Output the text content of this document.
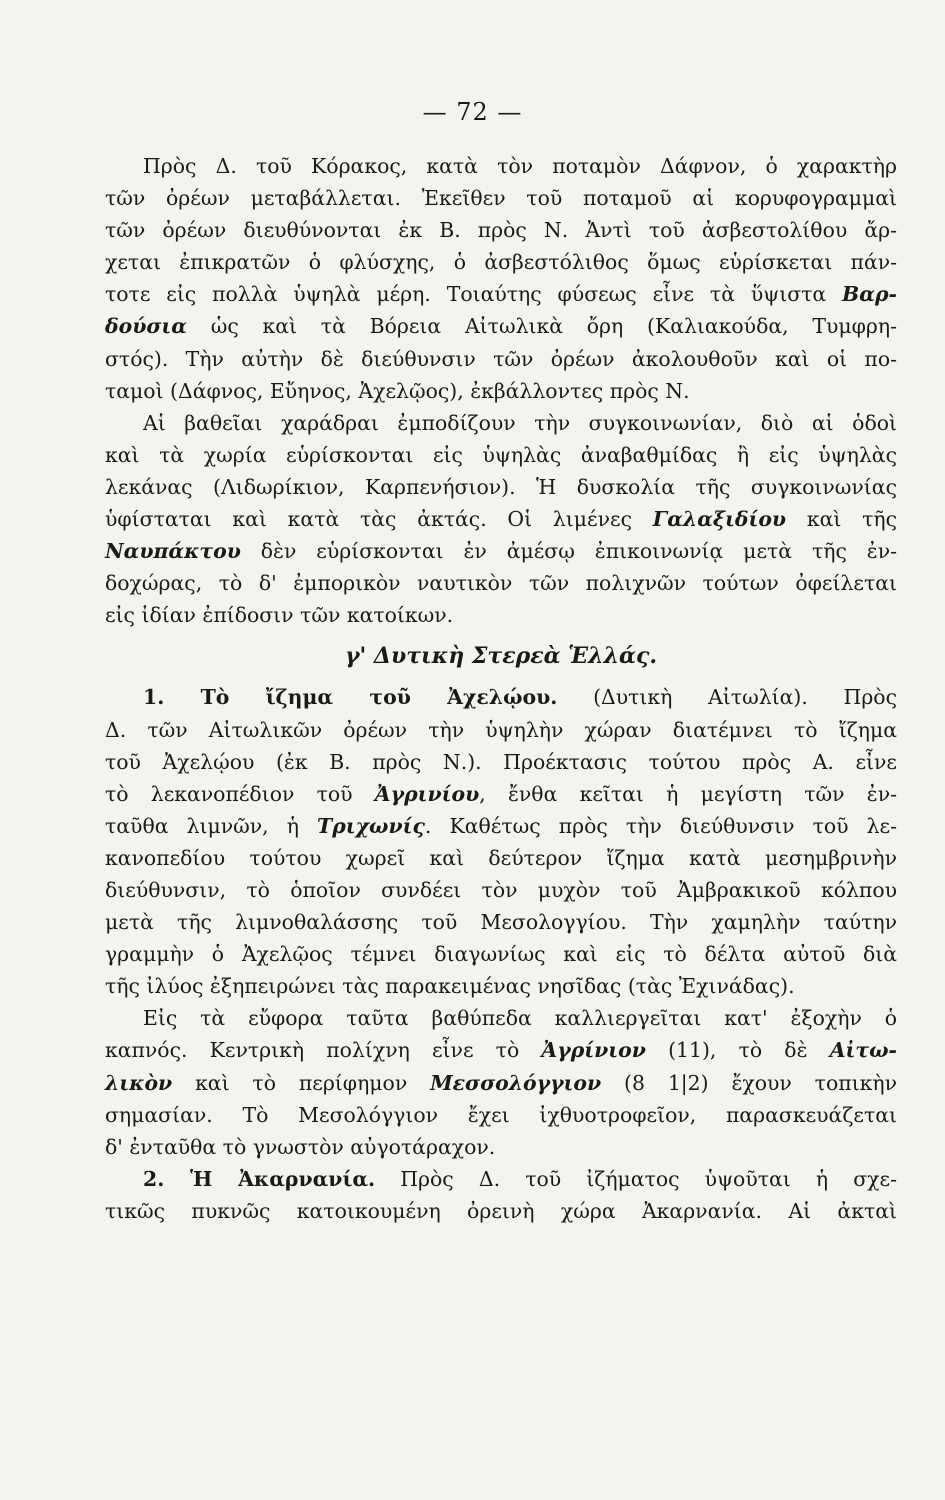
— 72 —
Πρὸς Δ. τοῦ Κόρακος, κατὰ τὸν ποταμὸν Δάφνον, ὁ χαρακτὴρ
τῶν ὀρέων μεταβάλλεται. Ἐκεῖθεν τοῦ ποταμοῦ αἱ κορυφογραμμαὶ
τῶν ὀρέων διευθύνονται ἐκ Β. πρὸς Ν. Ἀντὶ τοῦ ἀσβεστολίθου ἄρ-
χεται ἐπικρατῶν ὁ φλύσχης, ὁ ἀσβεστόλιθος ὅμως εὑρίσκεται πάν-
τοτε εἰς πολλὰ ὑψηλὰ μέρη. Τοιαύτης φύσεως εἶνε τὰ ὕψιστα Βαρ-
δούσια ὡς καὶ τὰ Βόρεια Αἰτωλικὰ ὄρη (Καλιακούδα, Τυμφρη-
στός). Τὴν αὐτὴν δὲ διεύθυνσιν τῶν ὀρέων ἀκολουθοῦν καὶ οἱ πο-
ταμοὶ (Δάφνος, Εὔηνος, Ἀχελῷος), ἐκβάλλοντες πρὸς Ν.
Αἱ βαθεῖαι χαράδραι ἐμποδίζουν τὴν συγκοινωνίαν, διὸ αἱ ὁδοὶ
καὶ τὰ χωρία εὑρίσκονται εἰς ὑψηλὰς ἀναβαθμίδας ἢ εἰς ὑψηλὰς
λεκάνας (Λιδωρίκιον, Καρπενήσιον). Ἡ δυσκολία τῆς συγκοινωνίας
ὑφίσταται καὶ κατὰ τὰς ἀκτάς. Οἱ λιμένες Γαλαξιδίου καὶ τῆς
Ναυπάκτου δὲν εὑρίσκονται ἐν ἀμέσῳ ἐπικοινωνίᾳ μετὰ τῆς ἐν-
δοχώρας, τὸ δ' ἐμπορικὸν ναυτικὸν τῶν πολιχνῶν τούτων ὀφείλεται
εἰς ἰδίαν ἐπίδοσιν τῶν κατοίκων.
γ' Δυτικὴ Στερεὰ Ἑλλάς.
1. Τὸ ἴζημα τοῦ Ἀχελῴου. (Δυτικὴ Αἰτωλία). Πρὸς
Δ. τῶν Αἰτωλικῶν ὀρέων τὴν ὑψηλὴν χώραν διατέμνει τὸ ἴζημα
τοῦ Ἀχελῴου (ἐκ Β. πρὸς Ν.). Προέκτασις τούτου πρὸς Α. εἶνε
τὸ λεκανοπέδιον τοῦ Ἀγρινίου, ἔνθα κεῖται ἡ μεγίστη τῶν ἐν-
ταῦθα λιμνῶν, ἡ Τριχωνίς. Καθέτως πρὸς τὴν διεύθυνσιν τοῦ λε-
κανοπεδίου τούτου χωρεῖ καὶ δεύτερον ἴζημα κατὰ μεσημβρινὴν
διεύθυνσιν, τὸ ὁποῖον συνδέει τὸν μυχὸν τοῦ Ἀμβρακικοῦ κόλπου
μετὰ τῆς λιμνοθαλάσσης τοῦ Μεσολογγίου. Τὴν χαμηλὴν ταύτην
γραμμὴν ὁ Ἀχελῷος τέμνει διαγωνίως καὶ εἰς τὸ δέλτα αὐτοῦ διὰ
τῆς ἰλύος ἐξηπειρώνει τὰς παρακειμένας νησῖδας (τὰς Ἐχινάδας).
Εἰς τὰ εὔφορα ταῦτα βαθύπεδα καλλιεργεῖται κατ' ἐξοχὴν ὁ
καπνός. Κεντρικὴ πολίχνη εἶνε τὸ Ἀγρίνιον (11), τὸ δὲ Αἰτω-
λικὸν καὶ τὸ περίφημον Μεσσολόγγιον (8 1|2) ἔχουν τοπικὴν
σημασίαν. Τὸ Μεσολόγγιον ἔχει ἰχθυοτροφεῖον, παρασκευάζεται
δ' ἐνταῦθα τὸ γνωστὸν αὐγοτάραχον.
2. Ἡ Ἀκαρνανία. Πρὸς Δ. τοῦ ἰζήματος ὑψοῦται ἡ σχε-
τικῶς πυκνῶς κατοικουμένη ὀρεινὴ χώρα Ἀκαρνανία. Αἱ ἀκταὶ
